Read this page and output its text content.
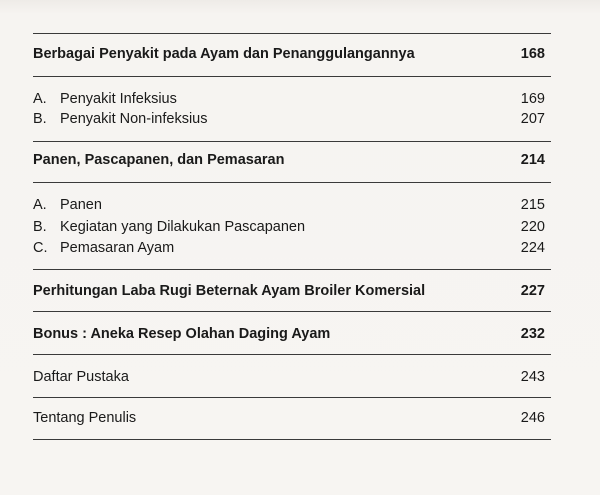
Berbagai Penyakit pada Ayam dan Penanggulangannya	168
A. Penyakit Infeksius	169
B. Penyakit Non-infeksius	207
Panen, Pascapanen, dan Pemasaran	214
A. Panen	215
B. Kegiatan yang Dilakukan Pascapanen	220
C. Pemasaran Ayam	224
Perhitungan Laba Rugi Beternak Ayam Broiler Komersial	227
Bonus : Aneka Resep Olahan Daging Ayam	232
Daftar Pustaka	243
Tentang Penulis	246
